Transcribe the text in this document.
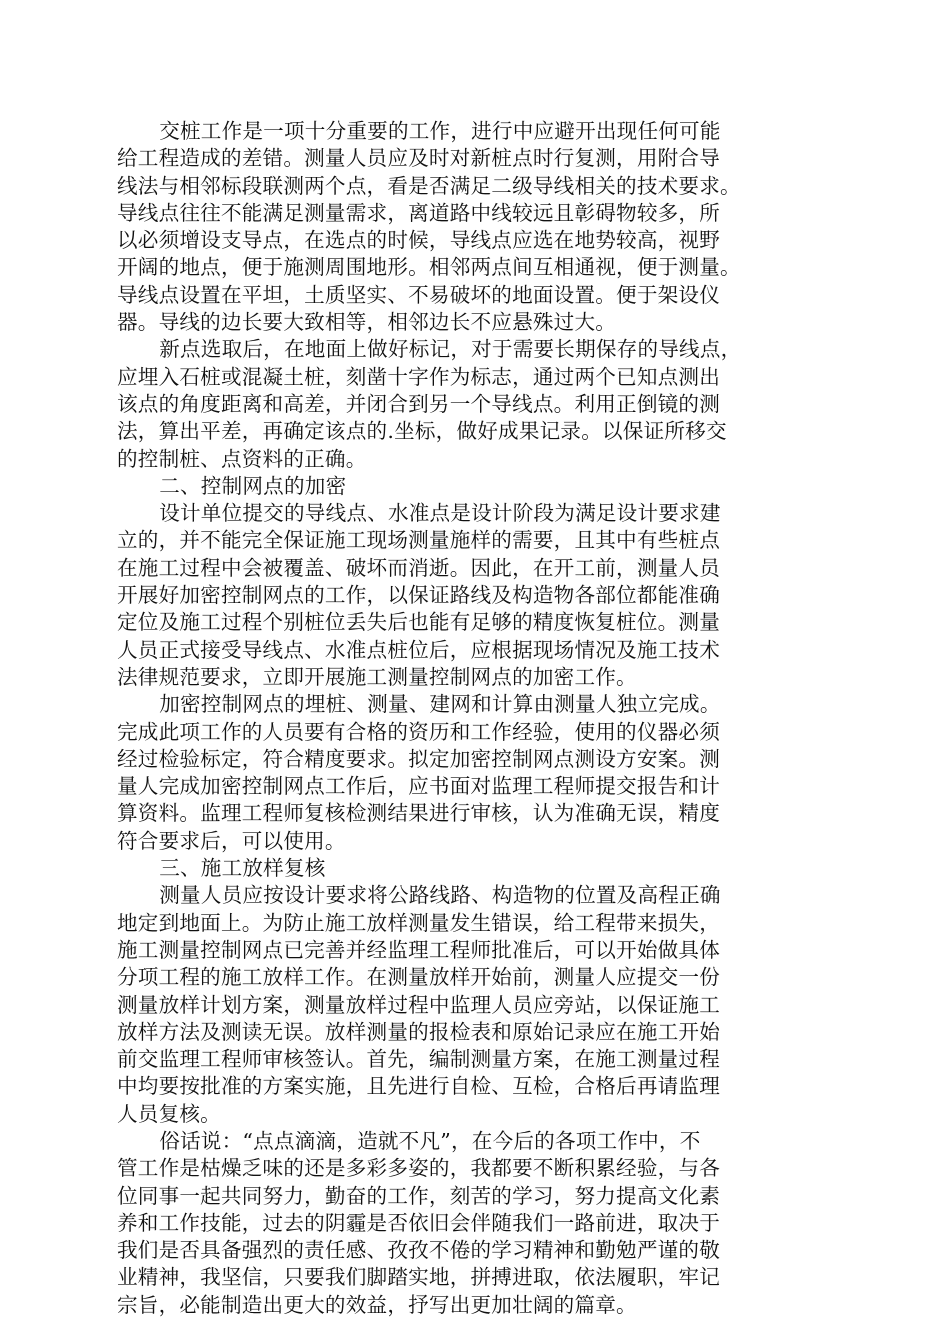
交桩工作是一项十分重要的工作，进行中应避开出现任何可能
给工程造成的差错。测量人员应及时对新桩点时行复测，用附合导
线法与相邻标段联测两个点，看是否满足二级导线相关的技术要求。
导线点往往不能满足测量需求，离道路中线较远且彰碍物较多，所
以必须增设支导点，在选点的时候，导线点应选在地势较高，视野
开阔的地点，便于施测周围地形。相邻两点间互相通视，便于测量。
导线点设置在平坦，土质坚实、不易破坏的地面设置。便于架设仪
器。导线的边长要大致相等，相邻边长不应悬殊过大。

新点选取后，在地面上做好标记，对于需要长期保存的导线点，
应埋入石桩或混凝土桩，刻凿十字作为标志，通过两个已知点测出
该点的角度距离和高差，并闭合到另一个导线点。利用正倒镜的测
法，算出平差，再确定该点的.坐标，做好成果记录。以保证所移交
的控制桩、点资料的正确。

二、控制网点的加密

设计单位提交的导线点、水准点是设计阶段为满足设计要求建
立的，并不能完全保证施工现场测量施样的需要，且其中有些桩点
在施工过程中会被覆盖、破坏而消逝。因此，在开工前，测量人员
开展好加密控制网点的工作，以保证路线及构造物各部位都能准确
定位及施工过程个别桩位丢失后也能有足够的精度恢复桩位。测量
人员正式接受导线点、水准点桩位后，应根据现场情况及施工技术
法律规范要求，立即开展施工测量控制网点的加密工作。

加密控制网点的埋桩、测量、建网和计算由测量人独立完成。
完成此项工作的人员要有合格的资历和工作经验，使用的仪器必须
经过检验标定，符合精度要求。拟定加密控制网点测设方安案。测
量人完成加密控制网点工作后，应书面对监理工程师提交报告和计
算资料。监理工程师复核检测结果进行审核，认为准确无误，精度
符合要求后，可以使用。

三、施工放样复核

测量人员应按设计要求将公路线路、构造物的位置及高程正确
地定到地面上。为防止施工放样测量发生错误，给工程带来损失，
施工测量控制网点已完善并经监理工程师批准后，可以开始做具体
分项工程的施工放样工作。在测量放样开始前，测量人应提交一份
测量放样计划方案，测量放样过程中监理人员应旁站，以保证施工
放样方法及测读无误。放样测量的报检表和原始记录应在施工开始
前交监理工程师审核签认。首先，编制测量方案，在施工测量过程
中均要按批准的方案实施，且先进行自检、互检，合格后再请监理
人员复核。

俗话说：“点点滴滴，造就不凡”，在今后的各项工作中，不
管工作是枯燥乏味的还是多彩多姿的，我都要不断积累经验，与各
位同事一起共同努力，勤奋的工作，刻苦的学习，努力提高文化素
养和工作技能，过去的阴霾是否依旧会伴随我们一路前进，取决于
我们是否具备强烈的责任感、孜孜不倦的学习精神和勤勉严谨的敬
业精神，我坚信，只要我们脚踏实地，拼搏进取，依法履职，牢记
宗旨，必能制造出更大的效益，抒写出更加壮阔的篇章。
